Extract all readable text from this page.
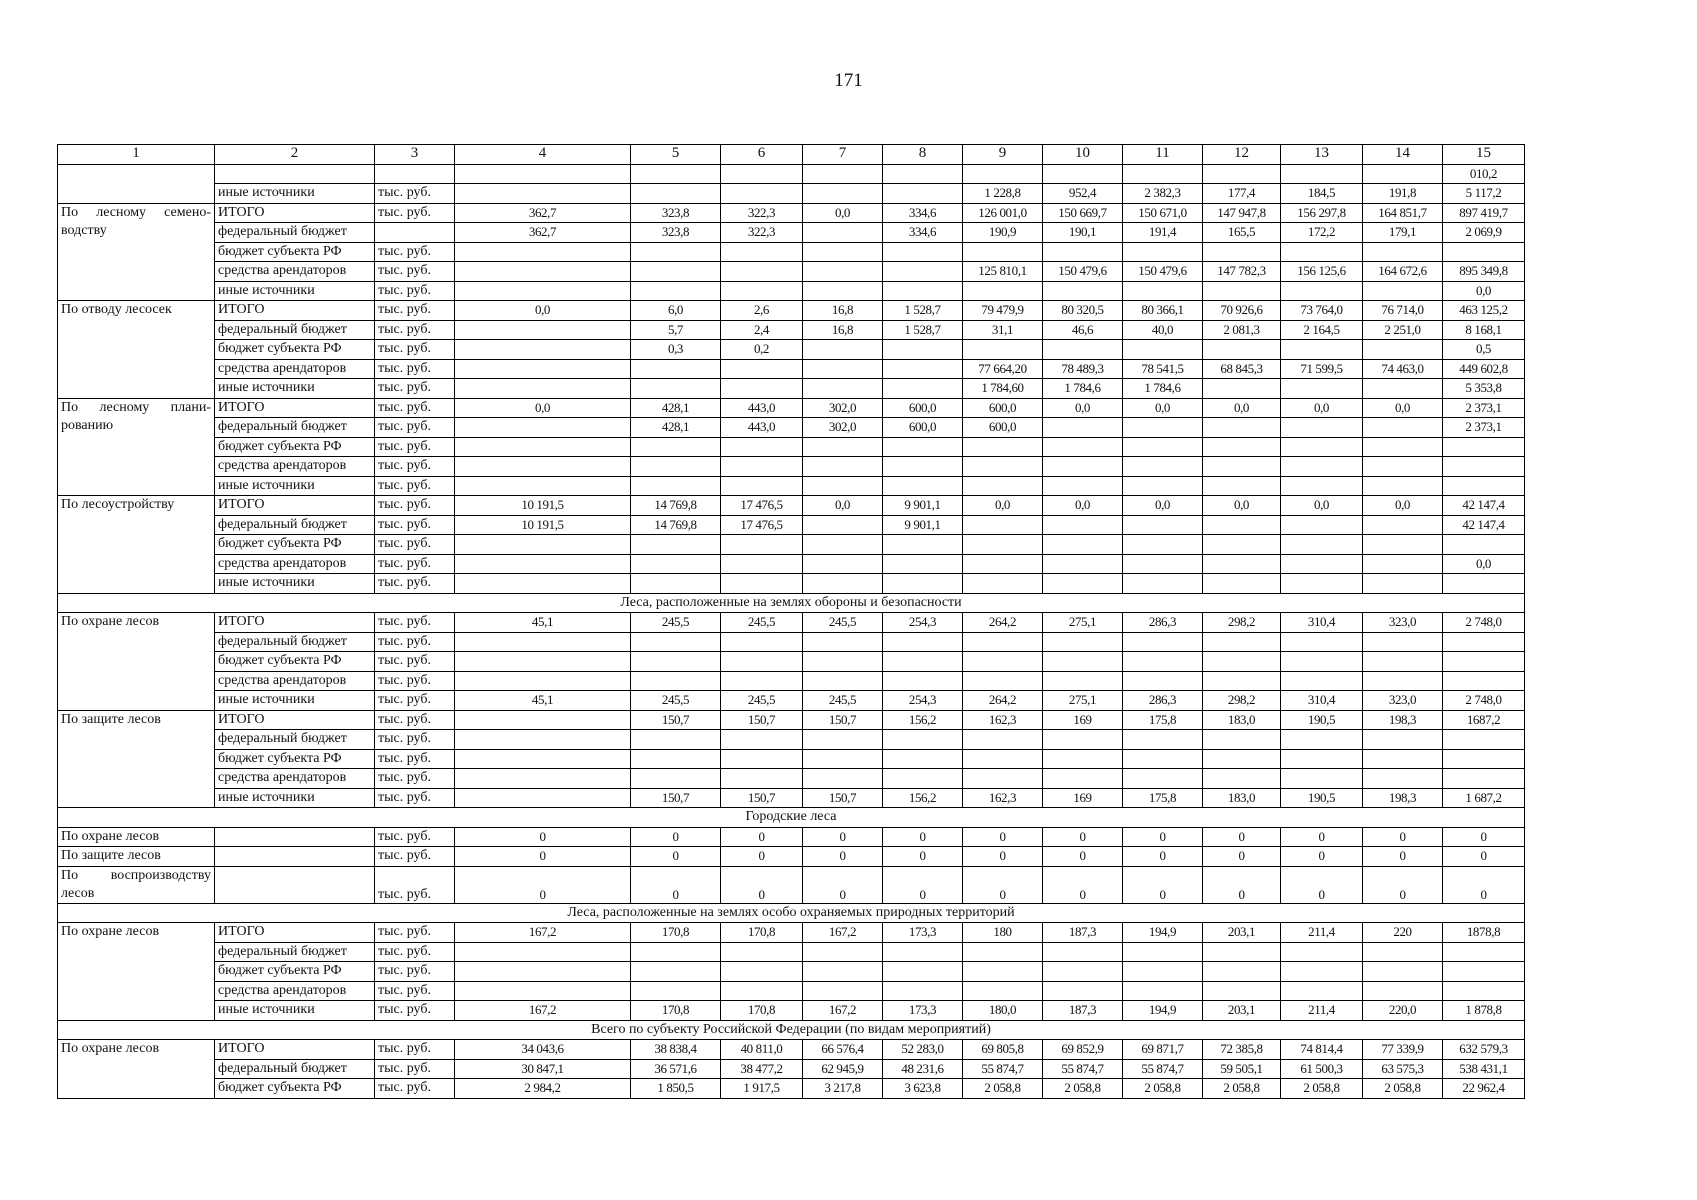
171
1	2	3	4	5	6	7	8	9	10	11	12	13	14	15
														010,2
	иные источники	тыс. руб.						1 228,8	952,4	2 382,3	177,4	184,5	191,8	5 117,2
По лесному семено-водству	ИТОГО	тыс. руб.	362,7	323,8	322,3	0,0	334,6	126 001,0	150 669,7	150 671,0	147 947,8	156 297,8	164 851,7	897 419,7
	федеральный бюджет		362,7	323,8	322,3		334,6	190,9	190,1	191,4	165,5	172,2	179,1	2 069,9
	бюджет субъекта РФ	тыс. руб.												
	средства арендаторов	тыс. руб.						125 810,1	150 479,6	150 479,6	147 782,3	156 125,6	164 672,6	895 349,8
	иные источники	тыс. руб.												0,0
По отводу лесосек	ИТОГО	тыс. руб.	0,0	6,0	2,6	16,8	1 528,7	79 479,9	80 320,5	80 366,1	70 926,6	73 764,0	76 714,0	463 125,2
	федеральный бюджет	тыс. руб.		5,7	2,4	16,8	1 528,7	31,1	46,6	40,0	2 081,3	2 164,5	2 251,0	8 168,1
	бюджет субъекта РФ	тыс. руб.		0,3	0,2									0,5
	средства арендаторов	тыс. руб.						77 664,20	78 489,3	78 541,5	68 845,3	71 599,5	74 463,0	449 602,8
	иные источники	тыс. руб.						1 784,60	1 784,6	1 784,6				5 353,8
По лесному плани-рованию	ИТОГО	тыс. руб.	0,0	428,1	443,0	302,0	600,0	600,0	0,0	0,0	0,0	0,0	0,0	2 373,1
	федеральный бюджет	тыс. руб.		428,1	443,0	302,0	600,0	600,0						2 373,1
	бюджет субъекта РФ	тыс. руб.												
	средства арендаторов	тыс. руб.												
	иные источники	тыс. руб.												
По лесоустройству	ИТОГО	тыс. руб.	10 191,5	14 769,8	17 476,5	0,0	9 901,1	0,0	0,0	0,0	0,0	0,0	0,0	42 147,4
	федеральный бюджет	тыс. руб.	10 191,5	14 769,8	17 476,5		9 901,1							42 147,4
	бюджет субъекта РФ	тыс. руб.												
	средства арендаторов	тыс. руб.												0,0
	иные источники	тыс. руб.												
Леса, расположенные на землях обороны и безопасности														
По охране лесов	ИТОГО	тыс. руб.	45,1	245,5	245,5	245,5	254,3	264,2	275,1	286,3	298,2	310,4	323,0	2 748,0
	федеральный бюджет	тыс. руб.												
	бюджет субъекта РФ	тыс. руб.												
	средства арендаторов	тыс. руб.												
	иные источники	тыс. руб.	45,1	245,5	245,5	245,5	254,3	264,2	275,1	286,3	298,2	310,4	323,0	2 748,0
По защите лесов	ИТОГО	тыс. руб.		150,7	150,7	150,7	156,2	162,3	169	175,8	183,0	190,5	198,3	1687,2
	федеральный бюджет	тыс. руб.												
	бюджет субъекта РФ	тыс. руб.												
	средства арендаторов	тыс. руб.												
	иные источники	тыс. руб.		150,7	150,7	150,7	156,2	162,3	169	175,8	183,0	190,5	198,3	1 687,2
Городские леса														
По охране лесов		тыс. руб.	0	0	0	0	0	0	0	0	0	0	0	0
По защите лесов		тыс. руб.	0	0	0	0	0	0	0	0	0	0	0	0
По воспроизводству лесов		тыс. руб.	0	0	0	0	0	0	0	0	0	0	0	0
Леса, расположенные на землях особо охраняемых природных территорий														
По охране лесов	ИТОГО	тыс. руб.	167,2	170,8	170,8	167,2	173,3	180	187,3	194,9	203,1	211,4	220	1878,8
	федеральный бюджет	тыс. руб.												
	бюджет субъекта РФ	тыс. руб.												
	средства арендаторов	тыс. руб.												
	иные источники	тыс. руб.	167,2	170,8	170,8	167,2	173,3	180,0	187,3	194,9	203,1	211,4	220,0	1 878,8
Всего по субъекту Российской Федерации (по видам мероприятий)														
По охране лесов	ИТОГО	тыс. руб.	34 043,6	38 838,4	40 811,0	66 576,4	52 283,0	69 805,8	69 852,9	69 871,7	72 385,8	74 814,4	77 339,9	632 579,3
	федеральный бюджет	тыс. руб.	30 847,1	36 571,6	38 477,2	62 945,9	48 231,6	55 874,7	55 874,7	55 874,7	59 505,1	61 500,3	63 575,3	538 431,1
	бюджет субъекта РФ	тыс. руб.	2 984,2	1 850,5	1 917,5	3 217,8	3 623,8	2 058,8	2 058,8	2 058,8	2 058,8	2 058,8	2 058,8	22 962,4
